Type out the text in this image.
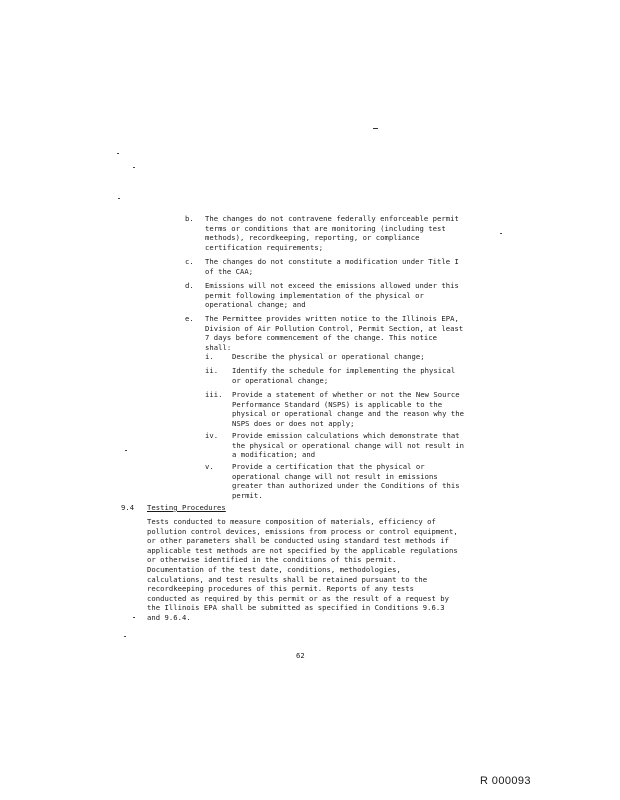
b. The changes do not contravene federally enforceable permit
terms or conditions that are monitoring (including test
methods), recordkeeping, reporting, or compliance
certification requirements;
c. The changes do not constitute a modification under Title I
of the CAA;
d. Emissions will not exceed the emissions allowed under this
permit following implementation of the physical or
operational change; and
e. The Permittee provides written notice to the Illinois EPA,
Division of Air Pollution Control, Permit Section, at least
7 days before commencement of the change. This notice
shall:
i.	Describe the physical or operational change;
ii. Identify the schedule for implementing the physical
or operational change;
iii. Provide a statement of whether or not the New Source
Performance Standard (NSPS) is applicable to the
physical or operational change and the reason why the
NSPS does or does not apply;
iv. Provide emission calculations which demonstrate that
the physical or operational change will not result in
a modification; and
v.	Provide a certification that the physical or
operational change will not result in emissions
greater than authorized under the Conditions of this
permit.
9.4 Testing Procedures
Tests conducted to measure composition of materials, efficiency of
pollution control devices, emissions from process or control equipment,
or other parameters shall be conducted using standard test methods if
applicable test methods are not specified by the applicable regulations
or otherwise identified in the conditions of this permit.
Documentation of the test date, conditions, methodologies,
calculations, and test results shall be retained pursuant to the
recordkeeping procedures of this permit. Reports of any tests
conducted as required by this permit or as the result of a request by
the Illinois EPA shall be submitted as specified in Conditions 9.6.3
and 9.6.4.
62
R 000093
